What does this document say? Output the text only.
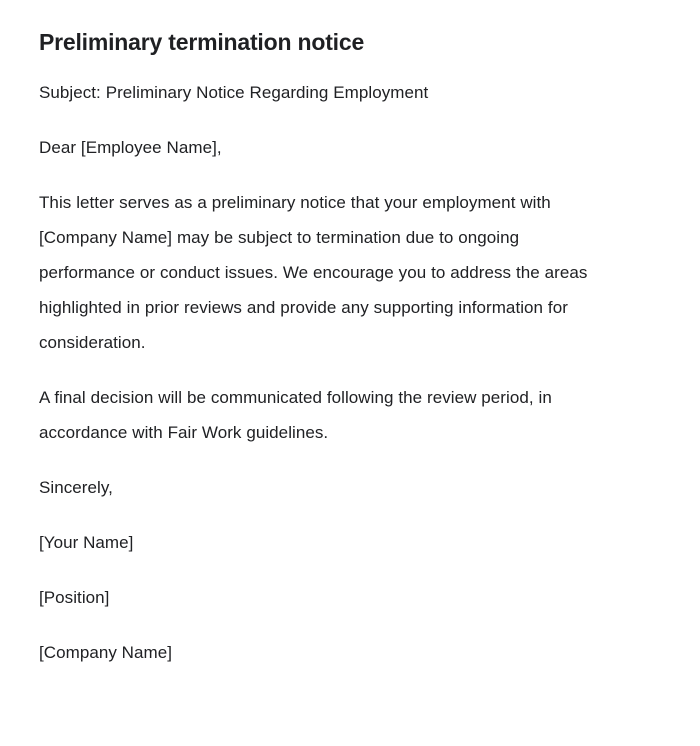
Preliminary termination notice

Subject: Preliminary Notice Regarding Employment

Dear [Employee Name],

This letter serves as a preliminary notice that your employment with [Company Name] may be subject to termination due to ongoing performance or conduct issues. We encourage you to address the areas highlighted in prior reviews and provide any supporting information for consideration.

A final decision will be communicated following the review period, in accordance with Fair Work guidelines.

Sincerely,

[Your Name]

[Position]

[Company Name]
